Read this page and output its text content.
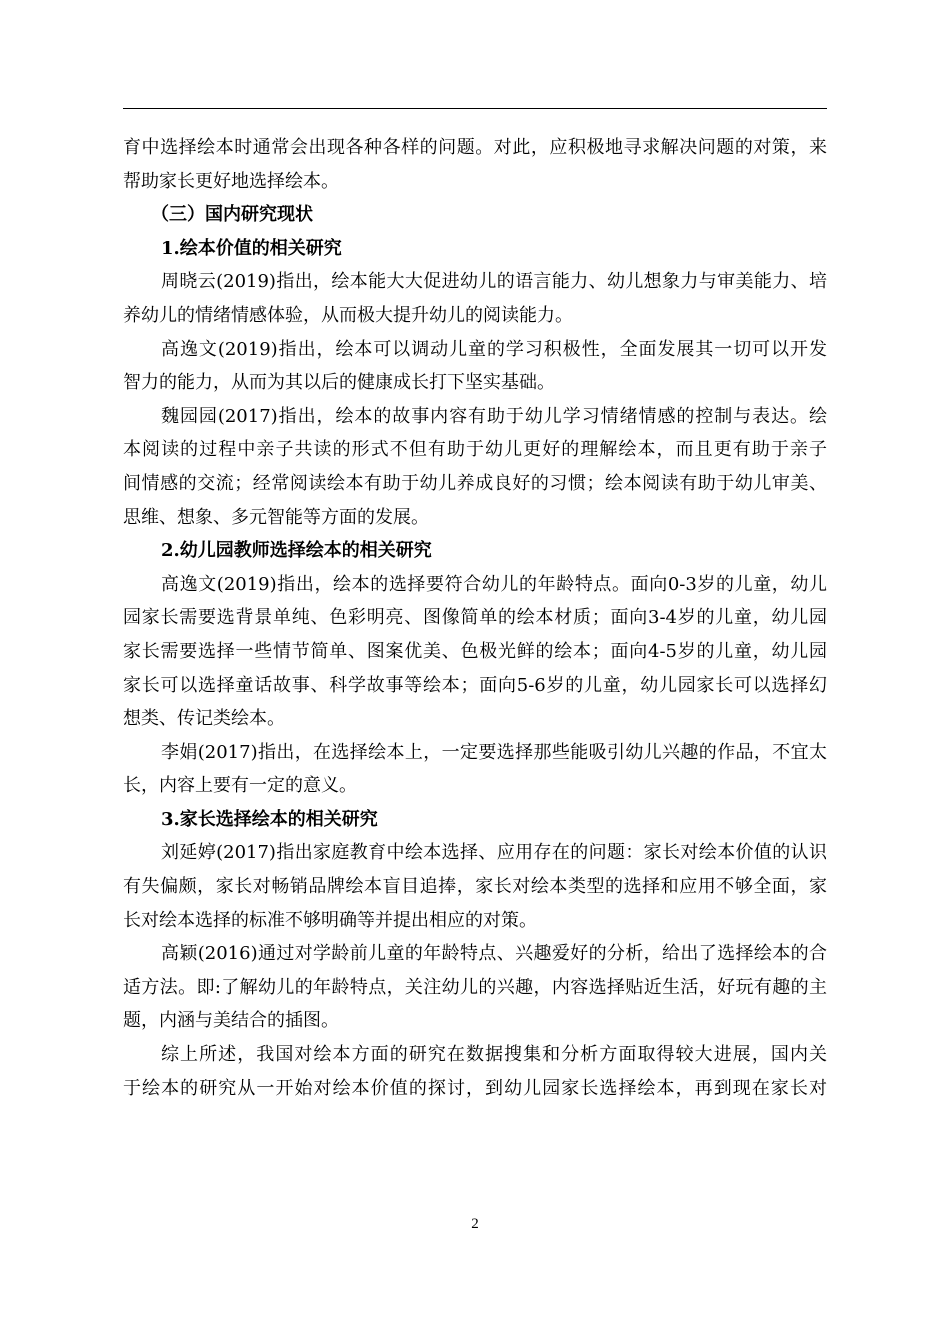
育中选择绘本时通常会出现各种各样的问题。对此，应积极地寻求解决问题的对策，来
帮助家长更好地选择绘本。
（三）国内研究现状
1.绘本价值的相关研究
周晓云(2019)指出，绘本能大大促进幼儿的语言能力、幼儿想象力与审美能力、培
养幼儿的情绪情感体验，从而极大提升幼儿的阅读能力。
高逸文(2019)指出，绘本可以调动儿童的学习积极性，全面发展其一切可以开发
智力的能力，从而为其以后的健康成长打下坚实基础。
魏园园(2017)指出，绘本的故事内容有助于幼儿学习情绪情感的控制与表达。绘
本阅读的过程中亲子共读的形式不但有助于幼儿更好的理解绘本，而且更有助于亲子
间情感的交流；经常阅读绘本有助于幼儿养成良好的习惯；绘本阅读有助于幼儿审美、
思维、想象、多元智能等方面的发展。
2.幼儿园教师选择绘本的相关研究
高逸文(2019)指出，绘本的选择要符合幼儿的年龄特点。面向0-3岁的儿童，幼儿
园家长需要选背景单纯、色彩明亮、图像简单的绘本材质；面向3-4岁的儿童，幼儿园
家长需要选择一些情节简单、图案优美、色极光鲜的绘本；面向4-5岁的儿童，幼儿园
家长可以选择童话故事、科学故事等绘本；面向5-6岁的儿童，幼儿园家长可以选择幻
想类、传记类绘本。
李娟(2017)指出，在选择绘本上，一定要选择那些能吸引幼儿兴趣的作品，不宜太
长，内容上要有一定的意义。
3.家长选择绘本的相关研究
刘延婷(2017)指出家庭教育中绘本选择、应用存在的问题：家长对绘本价值的认识
有失偏颇，家长对畅销品牌绘本盲目追捧，家长对绘本类型的选择和应用不够全面，家
长对绘本选择的标准不够明确等并提出相应的对策。
高颖(2016)通过对学龄前儿童的年龄特点、兴趣爱好的分析，给出了选择绘本的合
适方法。即:了解幼儿的年龄特点，关注幼儿的兴趣，内容选择贴近生活，好玩有趣的主
题，内涵与美结合的插图。
综上所述，我国对绘本方面的研究在数据搜集和分析方面取得较大进展，国内关
于绘本的研究从一开始对绘本价值的探讨，到幼儿园家长选择绘本，再到现在家长对
2
